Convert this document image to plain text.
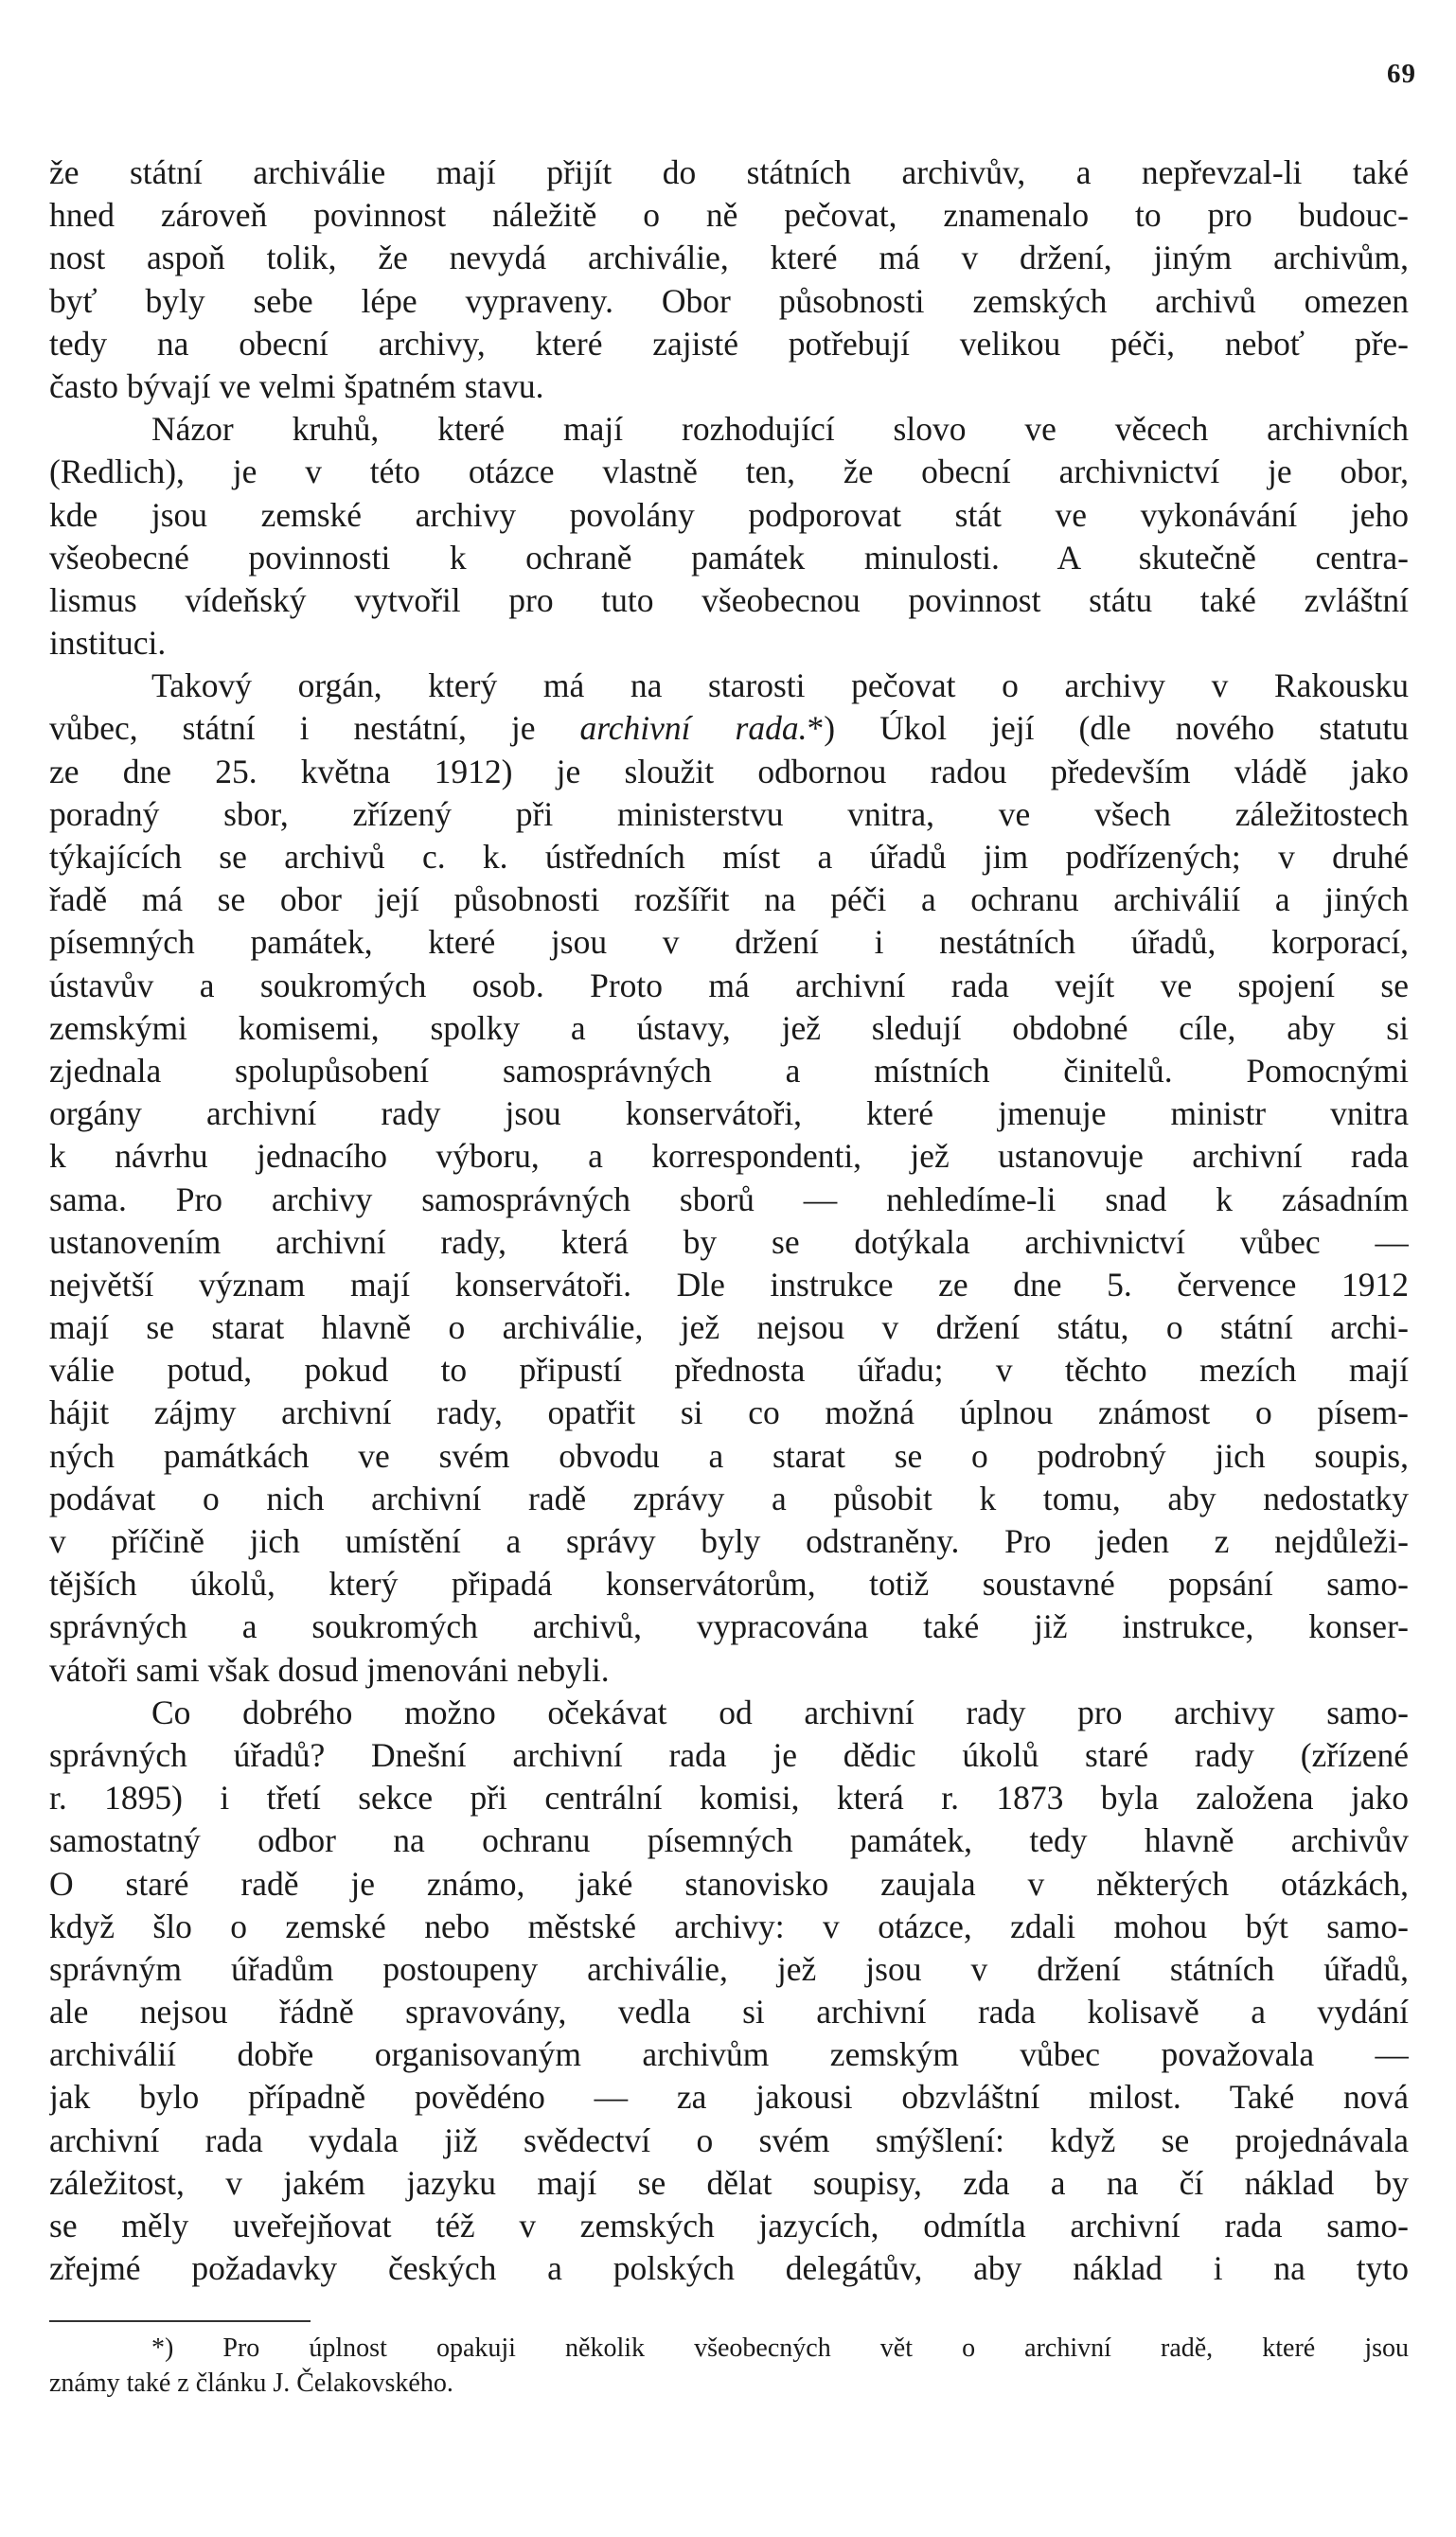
69
že státní archiválie mají přijít do státních archivův, a nepřevzal-li také
hned zároveň povinnost náležitě o ně pečovat, znamenalo to pro budouc-
nost aspoň tolik, že nevydá archiválie, které má v držení, jiným archivům,
byť byly sebe lépe vypraveny. Obor působnosti zemských archivů omezen
tedy na obecní archivy, které zajisté potřebují velikou péči, neboť pře-
často bývají ve velmi špatném stavu.
Názor kruhů, které mají rozhodující slovo ve věcech archivních
(Redlich), je v této otázce vlastně ten, že obecní archivnictví je obor,
kde jsou zemské archivy povolány podporovat stát ve vykonávání jeho
všeobecné povinnosti k ochraně památek minulosti. A skutečně centra-
lismus vídeňský vytvořil pro tuto všeobecnou povinnost státu také zvláštní
instituci.
Takový orgán, který má na starosti pečovat o archivy v Rakousku
vůbec, státní i nestátní, je archivní rada.*) Úkol její (dle nového statutu
ze dne 25. května 1912) je sloužit odbornou radou především vládě jako
poradný sbor, zřízený při ministerstvu vnitra, ve všech záležitostech
týkajících se archivů c. k. ústředních míst a úřadů jim podřízených; v druhé
řadě má se obor její působnosti rozšířit na péči a ochranu archiválií a jiných
písemných památek, které jsou v držení i nestátních úřadů, korporací,
ústavův a soukromých osob. Proto má archivní rada vejít ve spojení se
zemskými komisemi, spolky a ústavy, jež sledují obdobné cíle, aby si
zjednala spolupůsobení samosprávných a místních činitelů. Pomocnými
orgány archivní rady jsou konservátoři, které jmenuje ministr vnitra
k návrhu jednacího výboru, a korrespondenti, jež ustanovuje archivní rada
sama. Pro archivy samosprávných sborů — nehledíme-li snad k zásadním
ustanovením archivní rady, která by se dotýkala archivnictví vůbec —
největší význam mají konservátoři. Dle instrukce ze dne 5. července 1912
mají se starat hlavně o archiválie, jež nejsou v držení státu, o státní archi-
válie potud, pokud to připustí přednosta úřadu; v těchto mezích mají
hájit zájmy archivní rady, opatřit si co možná úplnou známost o písem-
ných památkách ve svém obvodu a starat se o podrobný jich soupis,
podávat o nich archivní radě zprávy a působit k tomu, aby nedostatky
v příčině jich umístění a správy byly odstraněny. Pro jeden z nejdůleži-
tějších úkolů, který připadá konservátorům, totiž soustavné popsání samo-
správných a soukromých archivů, vypracována také již instrukce, konser-
vátoři sami však dosud jmenováni nebyli.
Co dobrého možno očekávat od archivní rady pro archivy samo-
správných úřadů? Dnešní archivní rada je dědic úkolů staré rady (zřízené
r. 1895) i třetí sekce při centrální komisi, která r. 1873 byla založena jako
samostatný odbor na ochranu písemných památek, tedy hlavně archivův
O staré radě je známo, jaké stanovisko zaujala v některých otázkách,
když šlo o zemské nebo městské archivy: v otázce, zdali mohou být samo-
správným úřadům postoupeny archiválie, jež jsou v držení státních úřadů,
ale nejsou řádně spravovány, vedla si archivní rada kolisavě a vydání
archiválií dobře organisovaným archivům zemským vůbec považovala —
jak bylo případně povědéno — za jakousi obzvláštní milost. Také nová
archivní rada vydala již svědectví o svém smýšlení: když se projednávala
záležitost, v jakém jazyku mají se dělat soupisy, zda a na čí náklad by
se měly uveřejňovat též v zemských jazycích, odmítla archivní rada samo-
zřejmé požadavky českých a polských delegátův, aby náklad i na tyto
*) Pro úplnost opakuji několik všeobecných vět o archivní radě, které jsou
známy také z článku J. Čelakovského.
